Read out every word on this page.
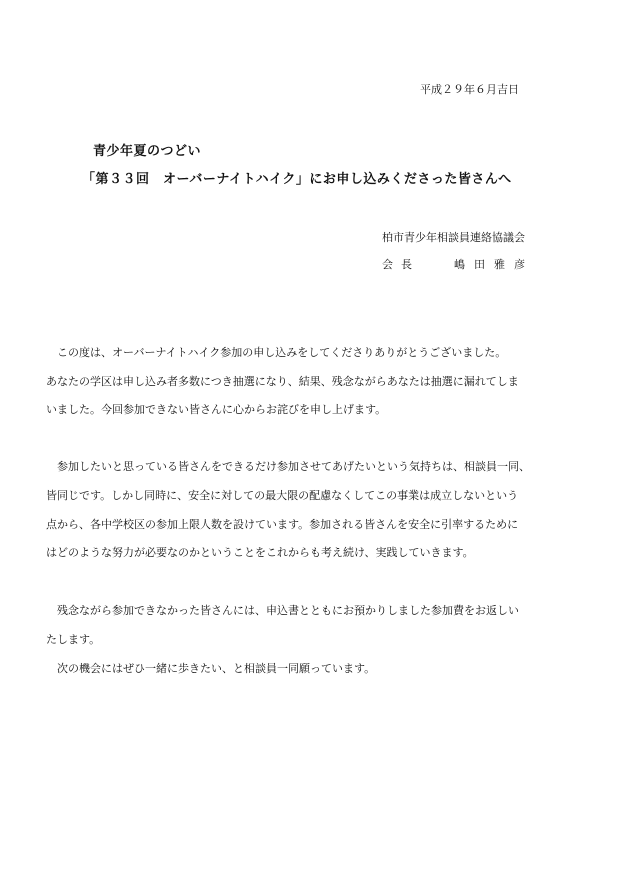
平成２９年６月吉日
青少年夏のつどい
「第３３回　オーバーナイトハイク」にお申し込みくださった皆さんへ
柏市青少年相談員連絡協議会
会長	嶋田雅彦
　この度は、オーバーナイトハイク参加の申し込みをしてくださりありがとうございました。
あなたの学区は申し込み者多数につき抽選になり、結果、残念ながらあなたは抽選に漏れてしま
いました。今回参加できない皆さんに心からお詫びを申し上げます。
　参加したいと思っている皆さんをできるだけ参加させてあげたいという気持ちは、相談員一同、
皆同じです。しかし同時に、安全に対しての最大限の配慮なくしてこの事業は成立しないという
点から、各中学校区の参加上限人数を設けています。参加される皆さんを安全に引率するために
はどのような努力が必要なのかということをこれからも考え続け、実践していきます。
　残念ながら参加できなかった皆さんには、申込書とともにお預かりしました参加費をお返しい
たします。
　次の機会にはぜひ一緒に歩きたい、と相談員一同願っています。
